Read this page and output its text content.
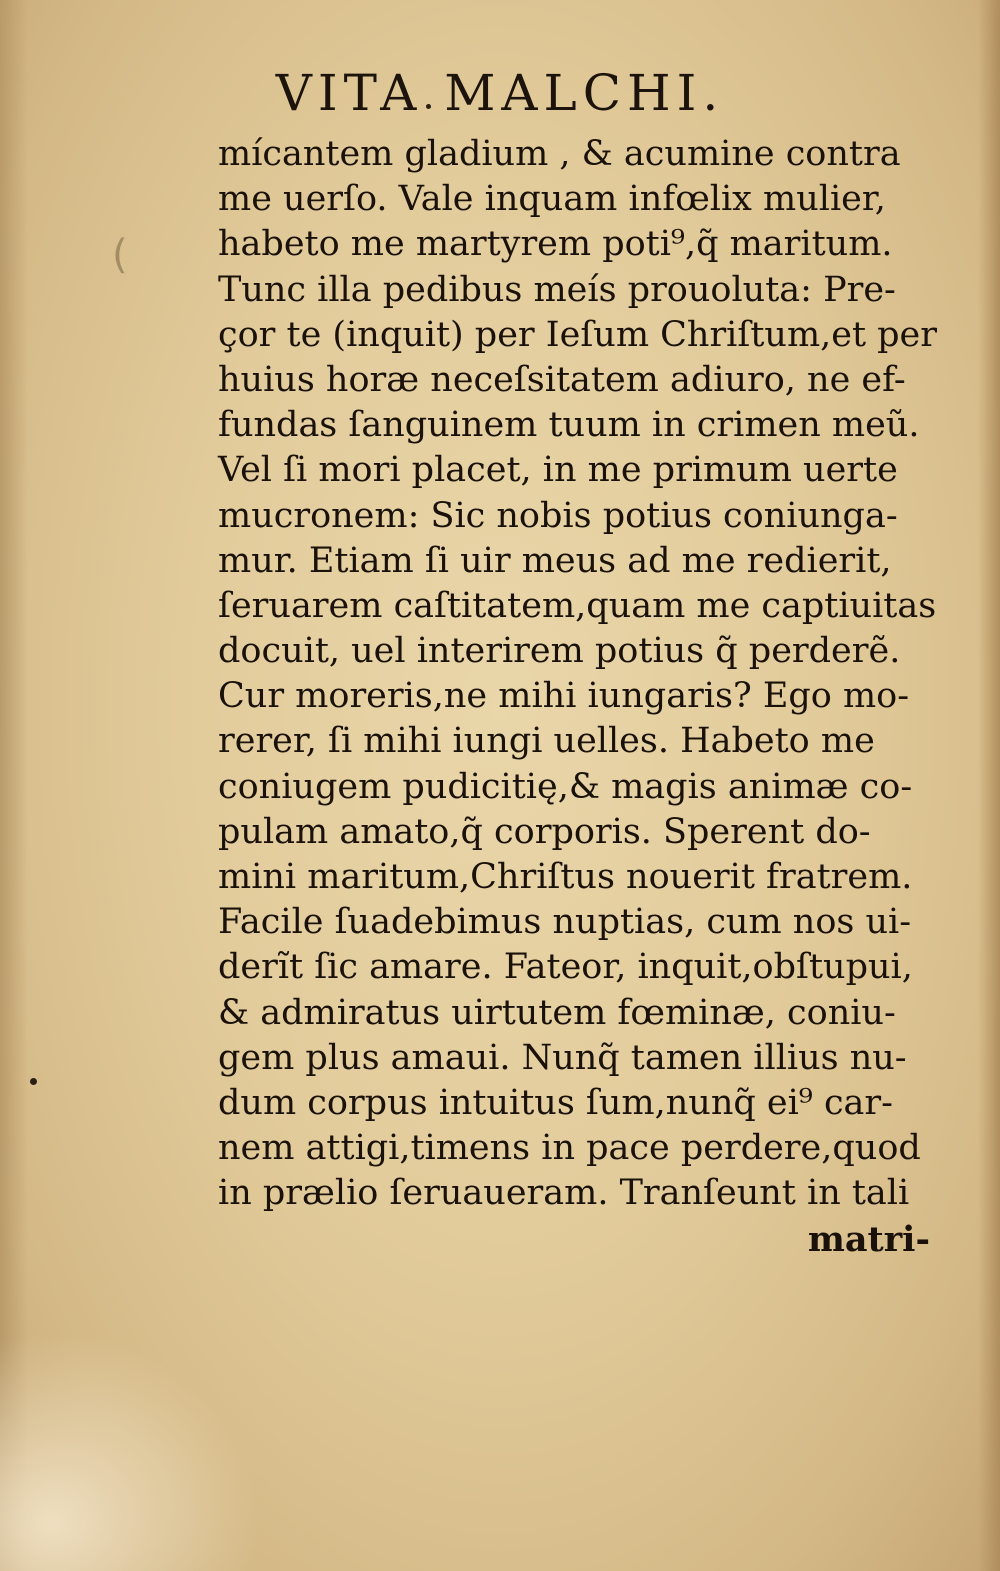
(
VITA MALCHI.
mícantem gladium , & acumine contra
me uerſo. Vale inquam infœlix mulier,
habeto me martyrem poti⁹,q̃ maritum.
Tunc illa pedibus meís prouoluta: Pre-
çor te (inquit) per Ieſum Chriſtum,et per
huius horæ neceſsitatem adiuro, ne ef-
fundas ſanguinem tuum in crimen meũ.
Vel ſi mori placet, in me primum uerte
mucronem: Sic nobis potius coniunga-
mur. Etiam ſi uir meus ad me redierit,
ſeruarem caſtitatem,quam me captiuitas
docuit, uel interirem potius q̃ perderẽ.
Cur moreris,ne mihi iungaris? Ego mo-
rerer, ſi mihi iungi uelles. Habeto me
coniugem pudicitię,& magis animæ co-
pulam amato,q̃ corporis. Sperent do-
mini maritum,Chriſtus nouerit fratrem.
Facile ſuadebimus nuptias, cum nos ui-
derĩt ſic amare. Fateor, inquit,obſtupui,
& admiratus uirtutem fœminæ, coniu-
gem plus amaui. Nunq̃ tamen illius nu-
dum corpus intuitus ſum,nunq̃ ei⁹ car-
nem attigi,timens in pace perdere,quod
in prælio ſeruaueram. Tranſeunt in tali
matri-
